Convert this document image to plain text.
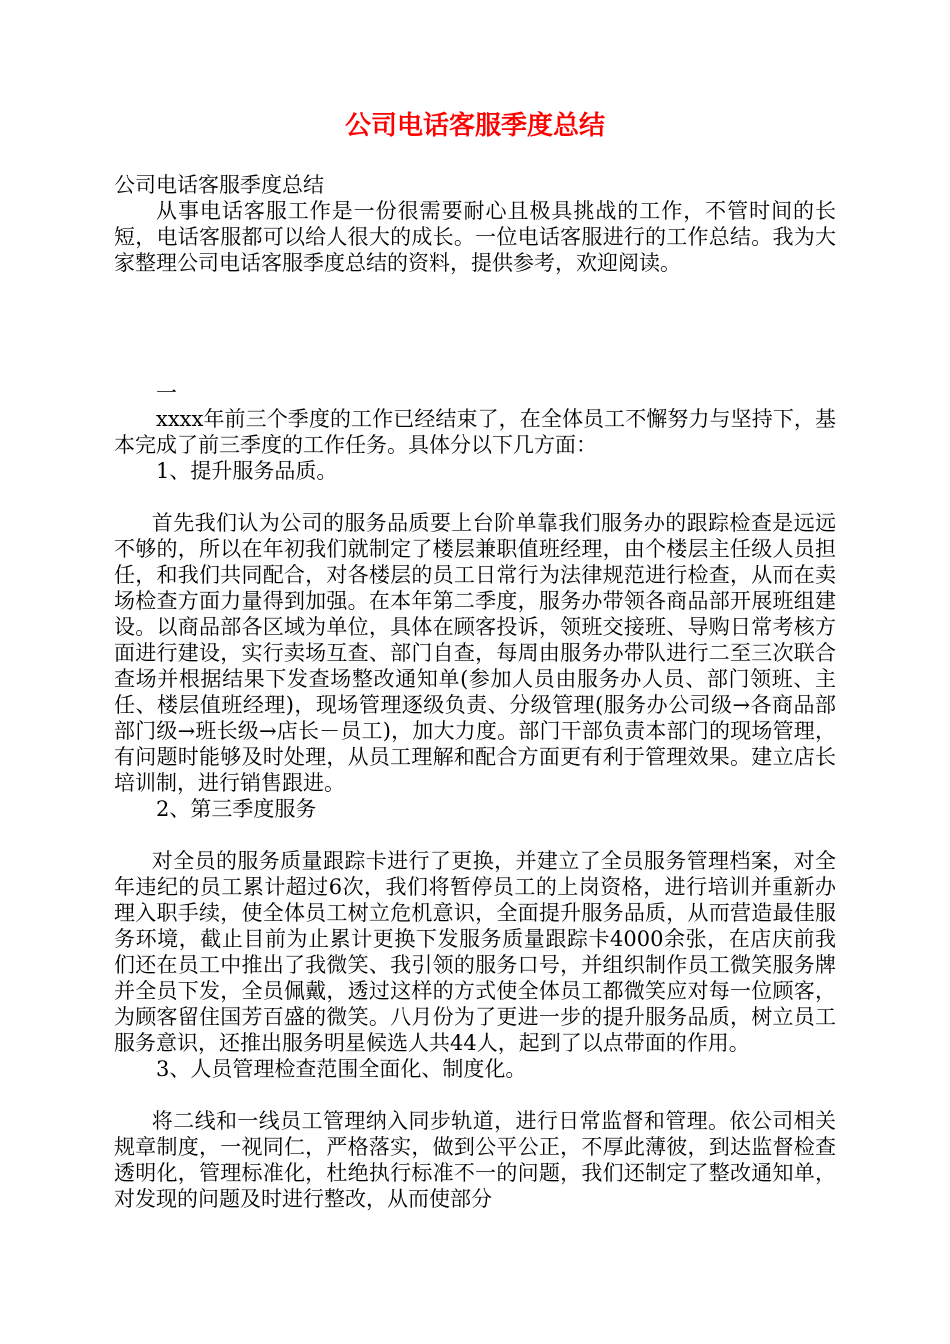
公司电话客服季度总结

公司电话客服季度总结

从事电话客服工作是一份很需要耐心且极具挑战的工作，不管时间的长短，电话客服都可以给人很大的成长。一位电话客服进行的工作总结。我为大家整理公司电话客服季度总结的资料，提供参考，欢迎阅读。

一

xxxx年前三个季度的工作已经结束了，在全体员工不懈努力与坚持下，基本完成了前三季度的工作任务。具体分以下几方面：

1、提升服务品质。

首先我们认为公司的服务品质要上台阶单靠我们服务办的跟踪检查是远远不够的，所以在年初我们就制定了楼层兼职值班经理，由个楼层主任级人员担任，和我们共同配合，对各楼层的员工日常行为法律规范进行检查，从而在卖场检查方面力量得到加强。在本年第二季度，服务办带领各商品部开展班组建设。以商品部各区域为单位，具体在顾客投诉，领班交接班、导购日常考核方面进行建设，实行卖场互查、部门自查，每周由服务办带队进行二至三次联合查场并根据结果下发查场整改通知单(参加人员由服务办人员、部门领班、主任、楼层值班经理)，现场管理逐级负责、分级管理(服务办公司级→各商品部部门级→班长级→店长－员工)，加大力度。部门干部负责本部门的现场管理，有问题时能够及时处理，从员工理解和配合方面更有利于管理效果。建立店长培训制，进行销售跟进。

2、第三季度服务

对全员的服务质量跟踪卡进行了更换，并建立了全员服务管理档案，对全年违纪的员工累计超过6次，我们将暂停员工的上岗资格，进行培训并重新办理入职手续，使全体员工树立危机意识，全面提升服务品质，从而营造最佳服务环境，截止目前为止累计更换下发服务质量跟踪卡4000余张，在店庆前我们还在员工中推出了我微笑、我引领的服务口号，并组织制作员工微笑服务牌并全员下发，全员佩戴，透过这样的方式使全体员工都微笑应对每一位顾客，为顾客留住国芳百盛的微笑。八月份为了更进一步的提升服务品质，树立员工服务意识，还推出服务明星候选人共44人，起到了以点带面的作用。

3、人员管理检查范围全面化、制度化。

将二线和一线员工管理纳入同步轨道，进行日常监督和管理。依公司相关规章制度，一视同仁，严格落实，做到公平公正，不厚此薄彼，到达监督检查透明化，管理标准化，杜绝执行标准不一的问题，我们还制定了整改通知单，对发现的问题及时进行整改，从而使部分
